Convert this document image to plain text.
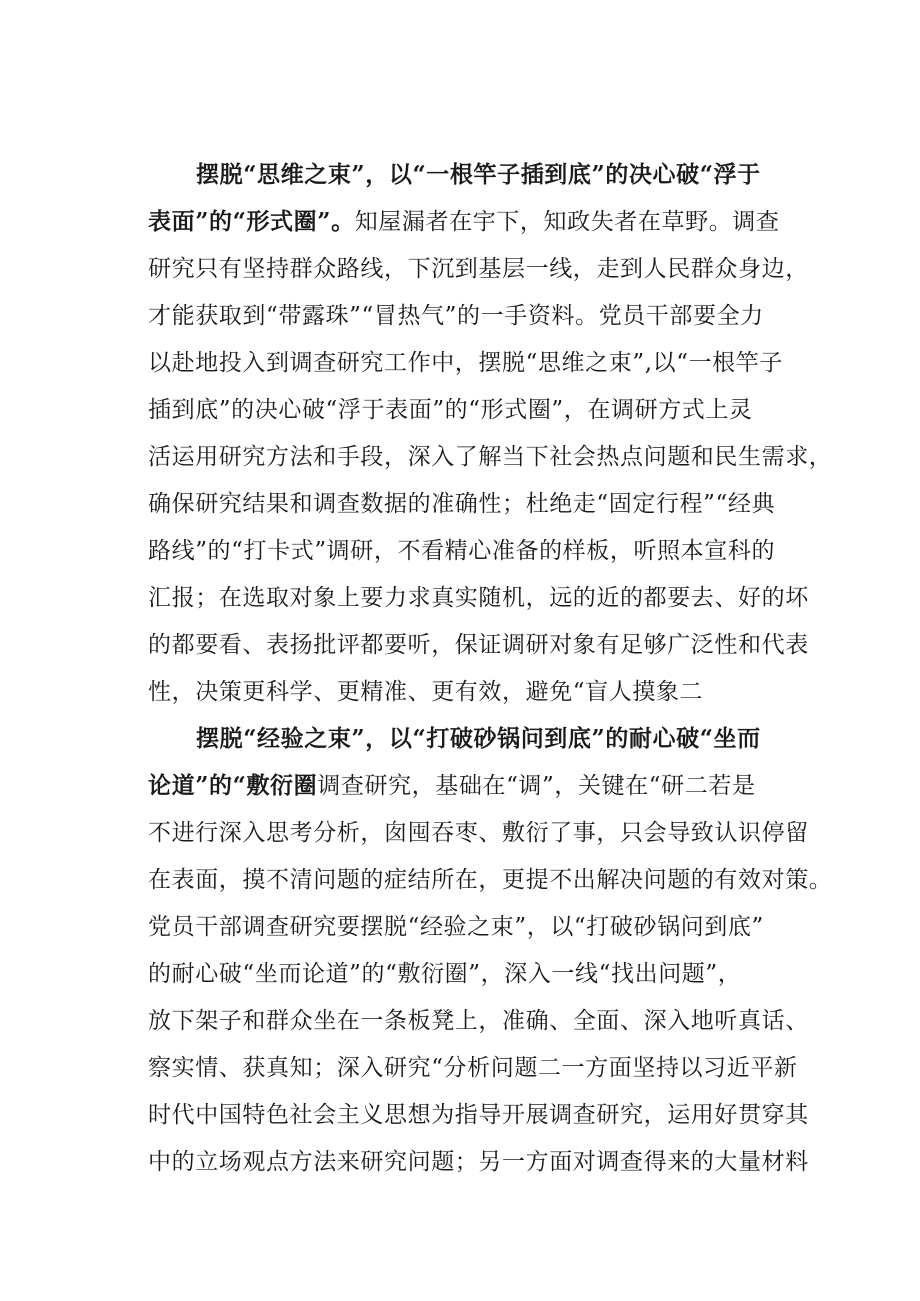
摆脱“思维之束”，以“一根竿子插到底”的决心破“浮于
表面”的“形式圈”。知屋漏者在宇下，知政失者在草野。调查
研究只有坚持群众路线，下沉到基层一线，走到人民群众身边，
才能获取到“带露珠”“冒热气”的一手资料。党员干部要全力
以赴地投入到调查研究工作中，摆脱“思维之束”,以“一根竿子
插到底”的决心破“浮于表面”的“形式圈”，在调研方式上灵
活运用研究方法和手段，深入了解当下社会热点问题和民生需求，
确保研究结果和调查数据的准确性；杜绝走“固定行程”“经典
路线”的“打卡式”调研，不看精心准备的样板，听照本宣科的
汇报；在选取对象上要力求真实随机，远的近的都要去、好的坏
的都要看、表扬批评都要听，保证调研对象有足够广泛性和代表
性，决策更科学、更精准、更有效，避免“盲人摸象二
摆脱“经验之束”，以“打破砂锅问到底”的耐心破“坐而
论道”的“敷衍圈调查研究，基础在“调”，关键在“研二若是
不进行深入思考分析，囱囤吞枣、敷衍了事，只会导致认识停留
在表面，摸不清问题的症结所在，更提不出解决问题的有效对策。
党员干部调查研究要摆脱“经验之束”，以“打破砂锅问到底”
的耐心破“坐而论道”的“敷衍圈”，深入一线“找出问题”，
放下架子和群众坐在一条板凳上，准确、全面、深入地听真话、
察实情、获真知；深入研究“分析问题二一方面坚持以习近平新
时代中国特色社会主义思想为指导开展调查研究，运用好贯穿其
中的立场观点方法来研究问题；另一方面对调查得来的大量材料
